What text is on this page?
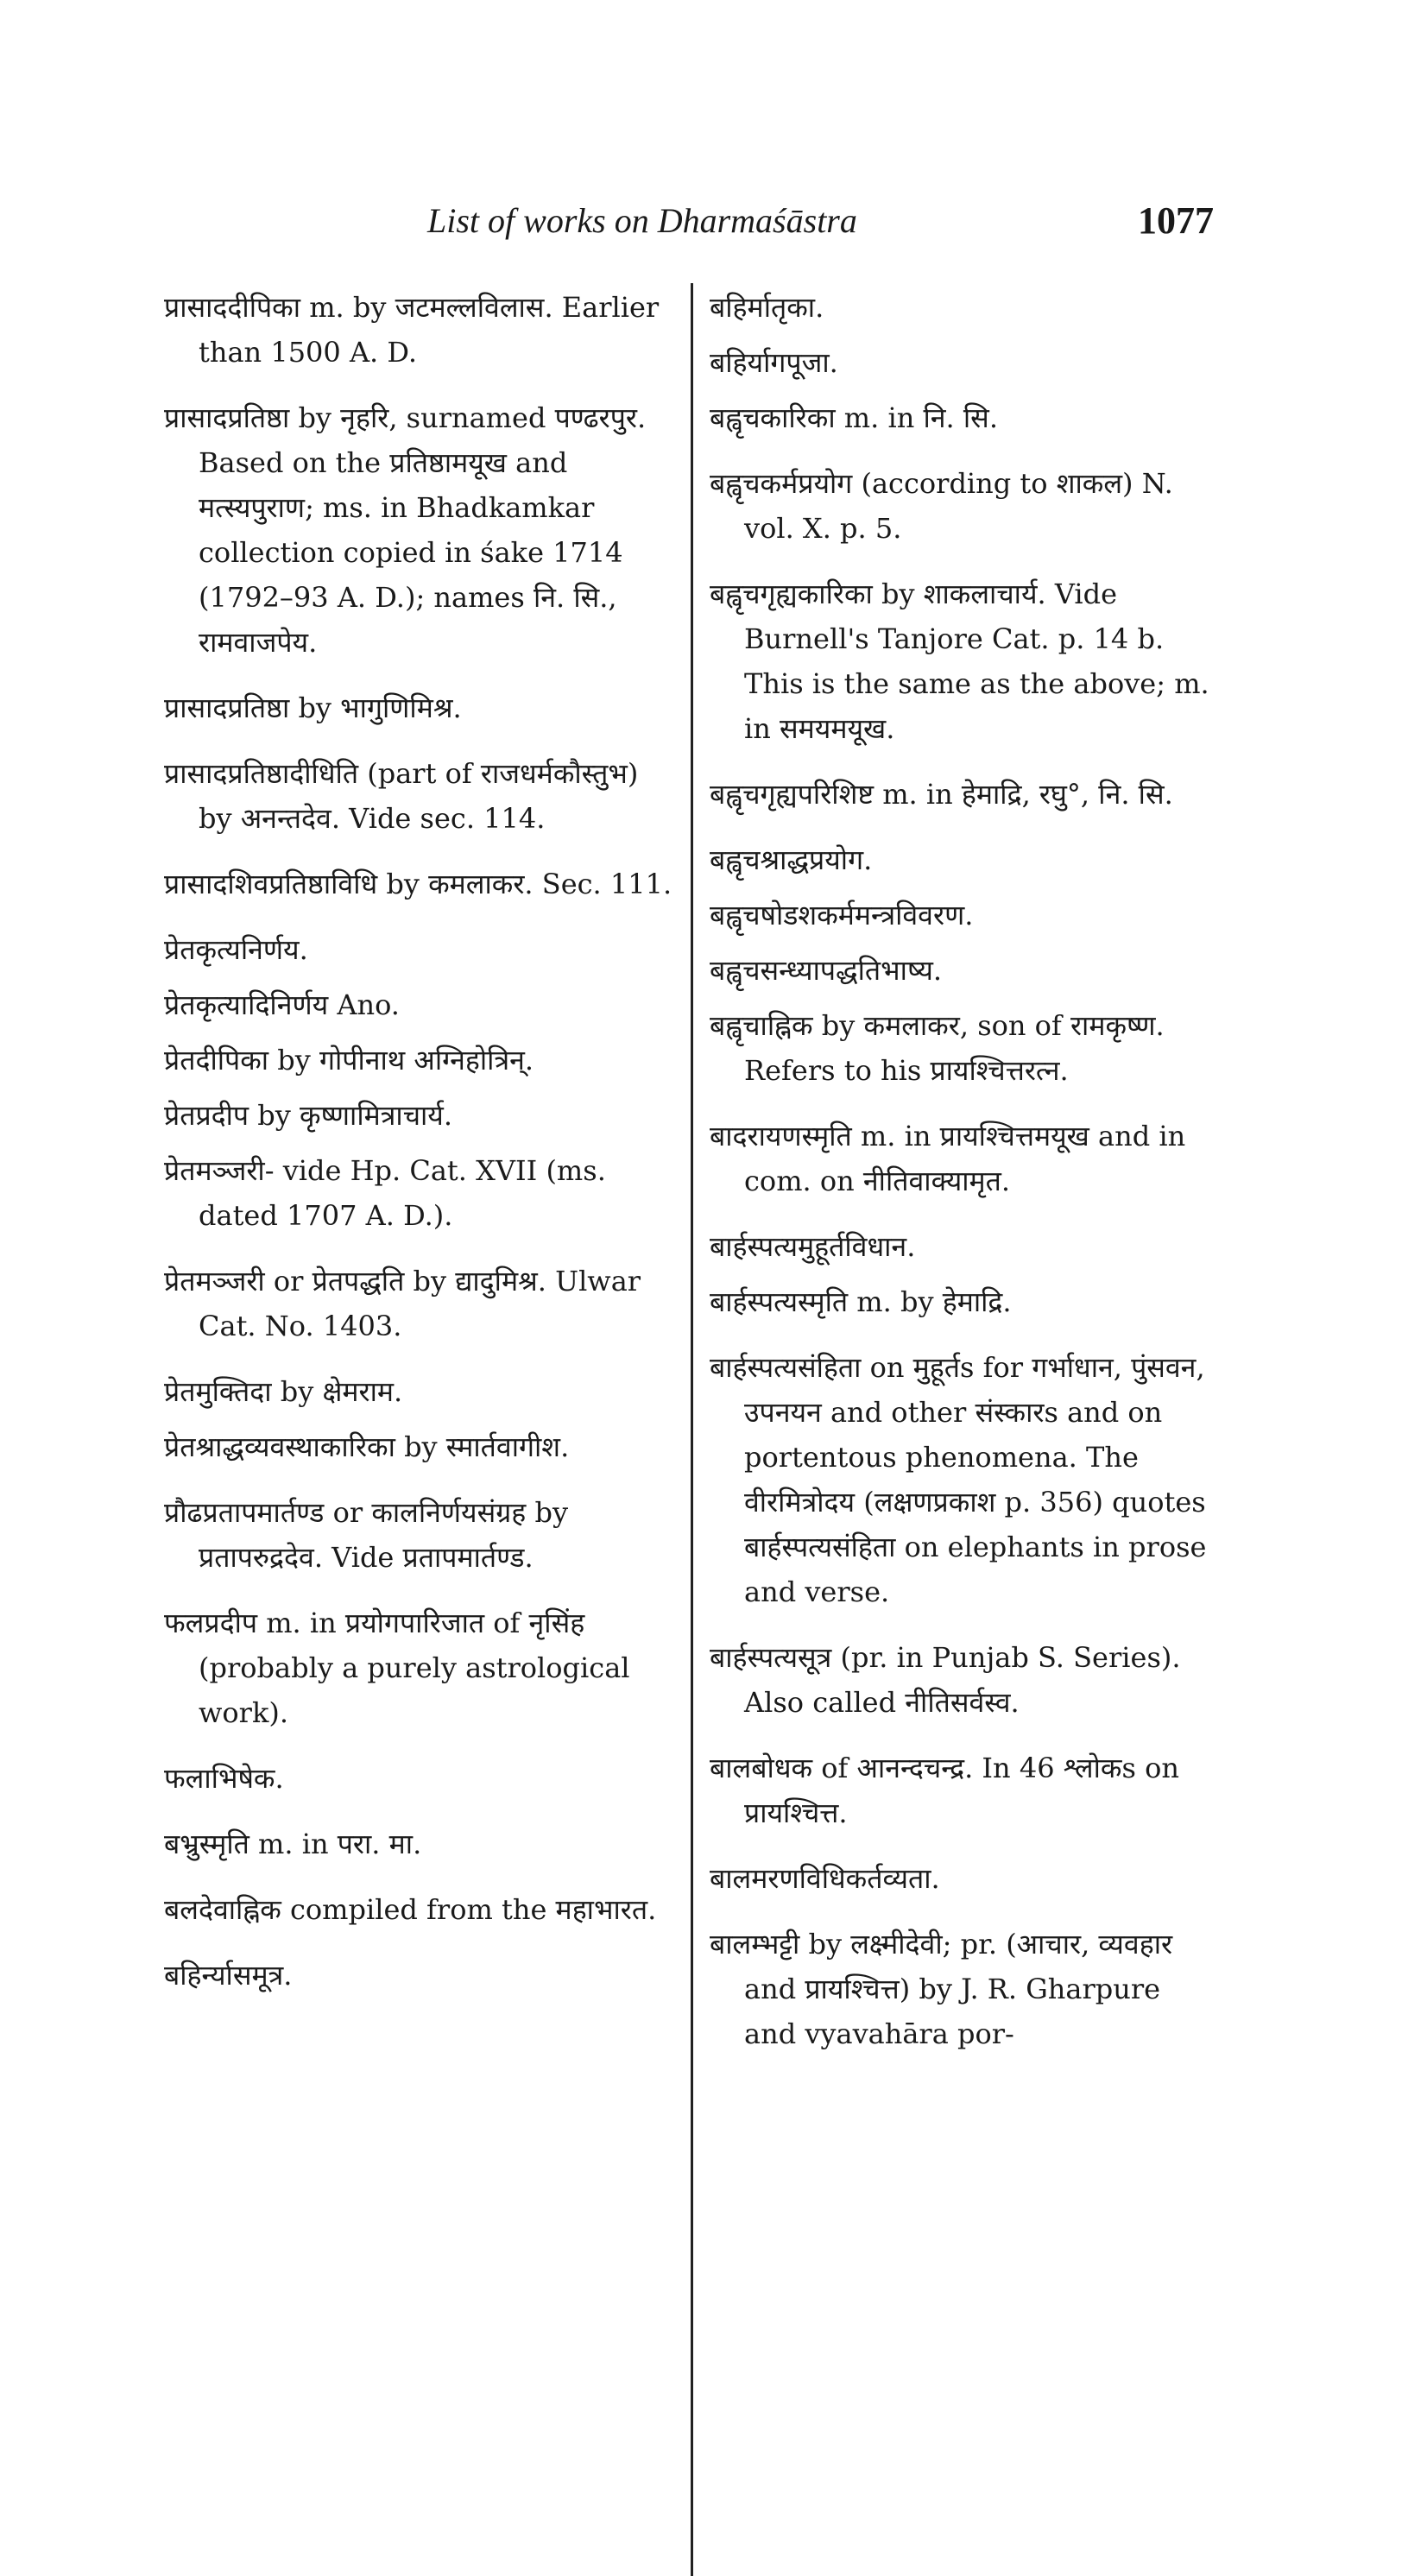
List of works on Dharmaśāstra	1077
प्रासाददीपिका m. by जटमल्लविलास. Earlier than 1500 A. D.
प्रासादप्रतिष्ठा by नृहरि, surnamed पण्ढरपुर. Based on the प्रतिष्ठामयूख and मत्स्यपुराण; ms. in Bhadkamkar collection copied in śake 1714 (1792–93 A. D.); names नि. सि., रामवाजपेय.
प्रासादप्रतिष्ठा by भागुणिमिश्र.
प्रासादप्रतिष्ठादीधिति (part of राजधर्मकौस्तुभ) by अनन्तदेव. Vide sec. 114.
प्रासादशिवप्रतिष्ठाविधि by कमलाकर. Sec. 111.
प्रेतकृत्यनिर्णय.
प्रेतकृत्यादिनिर्णय Ano.
प्रेतदीपिका by गोपीनाथ अग्निहोत्रिन्.
प्रेतप्रदीप by कृष्णामित्राचार्य.
प्रेतमञ्जरी- vide Hp. Cat. XVII (ms. dated 1707 A. D.).
प्रेतमञ्जरी or प्रेतपद्धति by द्यादुमिश्र. Ulwar Cat. No. 1403.
प्रेतमुक्तिदा by क्षेमराम.
प्रेतश्राद्धव्यवस्थाकारिका by स्मार्तवागीश.
प्रौढप्रतापमार्तण्ड or कालनिर्णयसंग्रह by प्रतापरुद्रदेव. Vide प्रतापमार्तण्ड.
फलप्रदीप m. in प्रयोगपारिजात of नृसिंह (probably a purely astrological work).
फलाभिषेक.
बभ्रुस्मृति m. in परा. मा.
बलदेवाह्निक compiled from the महाभारत.
बहिर्न्यासमूत्र.
बहिर्मातृका.
बहिर्यागपूजा.
बह्वृचकारिका m. in नि. सि.
बह्वृचकर्मप्रयोग (according to शाकल) N. vol. X. p. 5.
बह्वृचगृह्यकारिका by शाकलाचार्य. Vide Burnell's Tanjore Cat. p. 14 b. This is the same as the above; m. in समयमयूख.
बह्वृचगृह्यपरिशिष्ट m. in हेमाद्रि, रघु°, नि. सि.
बह्वृचश्राद्धप्रयोग.
बह्वृचषोडशकर्ममन्त्रविवरण.
बह्वृचसन्ध्यापद्धतिभाष्य.
बह्वृचाह्निक by कमलाकर, son of रामकृष्ण. Refers to his प्रायश्चित्तरत्न.
बादरायणस्मृति m. in प्रायश्चित्तमयूख and in com. on नीतिवाक्यामृत.
बार्हस्पत्यमुहूर्तविधान.
बार्हस्पत्यस्मृति m. by हेमाद्रि.
बार्हस्पत्यसंहिता on मुहूर्तs for गर्भाधान, पुंसवन, उपनयन and other संस्कारs and on portentous phenomena. The वीरमित्रोदय (लक्षणप्रकाश p. 356) quotes बार्हस्पत्यसंहिता on elephants in prose and verse.
बार्हस्पत्यसूत्र (pr. in Punjab S. Series). Also called नीतिसर्वस्व.
बालबोधक of आनन्दचन्द्र. In 46 श्लोकs on प्रायश्चित्त.
बालमरणविधिकर्तव्यता.
बालम्भट्टी by लक्ष्मीदेवी; pr. (आचार, व्यवहार and प्रायश्चित्त) by J. R. Gharpure and vyavahāra por-
